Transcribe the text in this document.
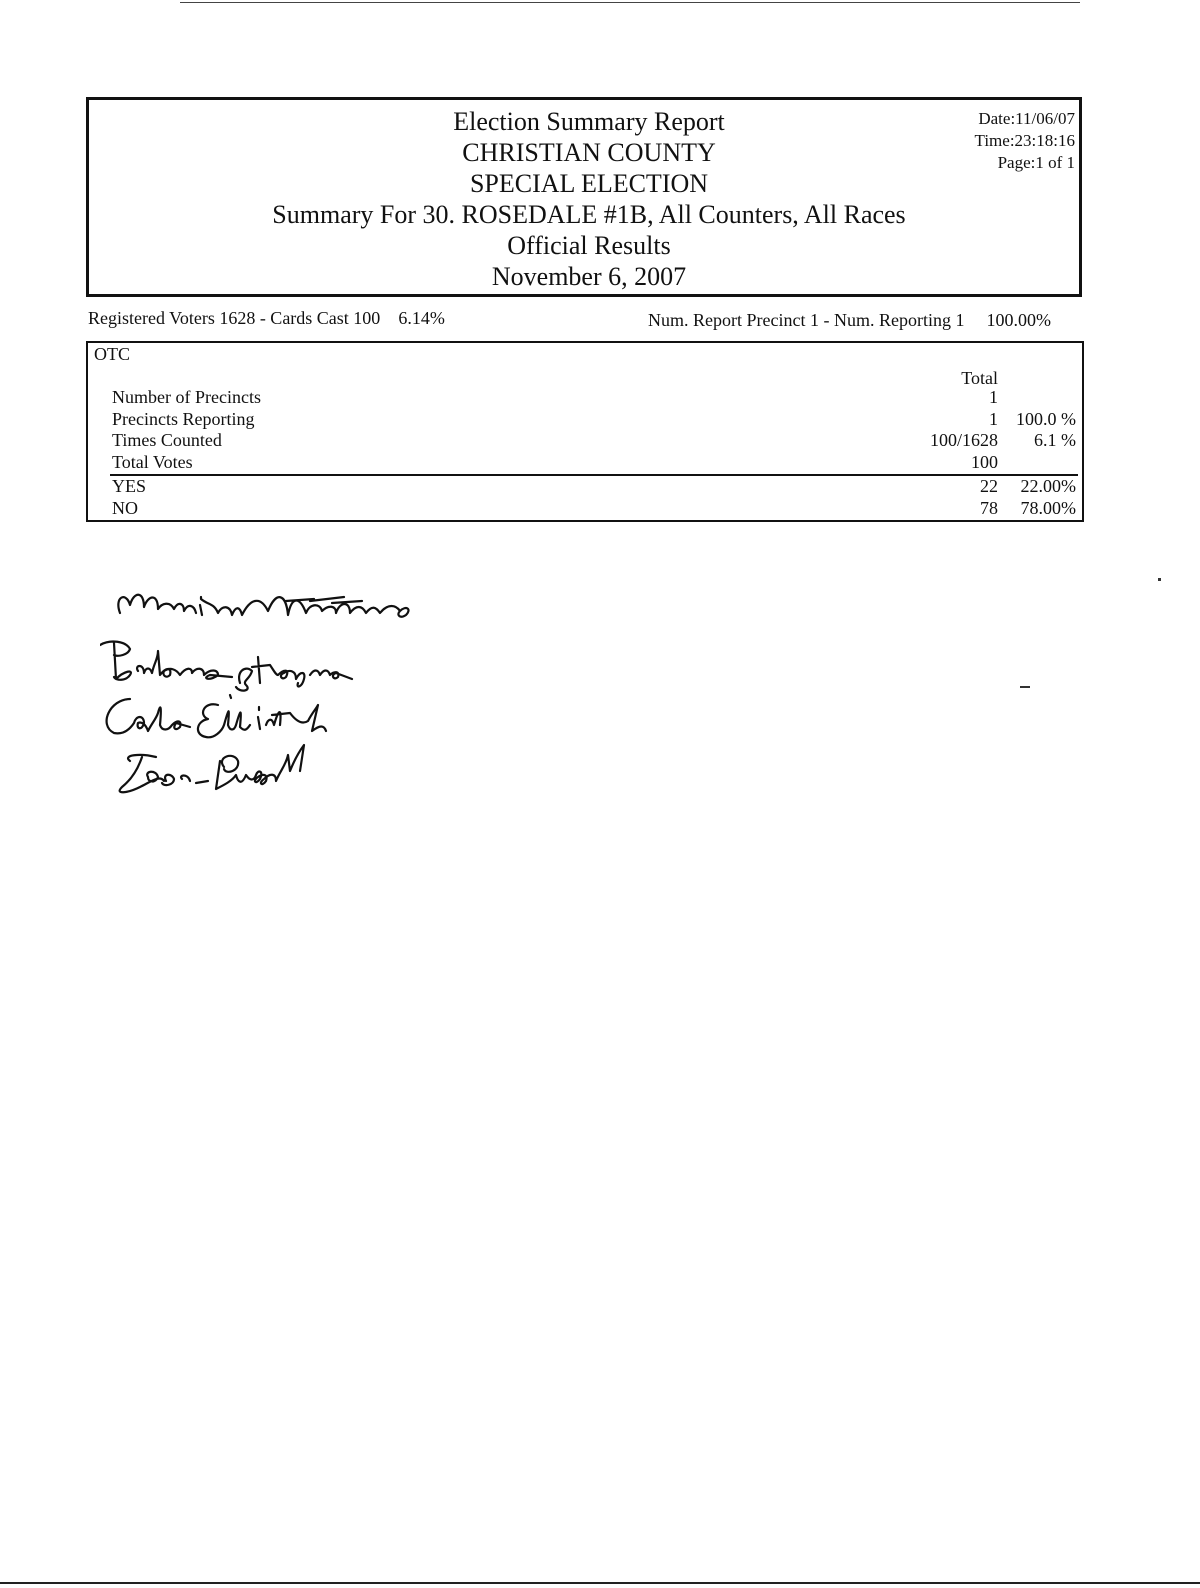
Election Summary Report
CHRISTIAN COUNTY
SPECIAL ELECTION
Summary For 30. ROSEDALE #1B, All Counters, All Races
Official Results
November 6, 2007
Date:11/06/07
Time:23:18:16
Page:1 of 1
Registered Voters 1628 - Cards Cast 100 6.14%	Num. Report Precinct 1 - Num. Reporting 1 100.00%
OTC
Total
Number of Precincts	1
Precincts Reporting	1	100.0 %
Times Counted	100/1628	6.1 %
Total Votes	100
YES	22	22.00%
NO	78	78.00%
